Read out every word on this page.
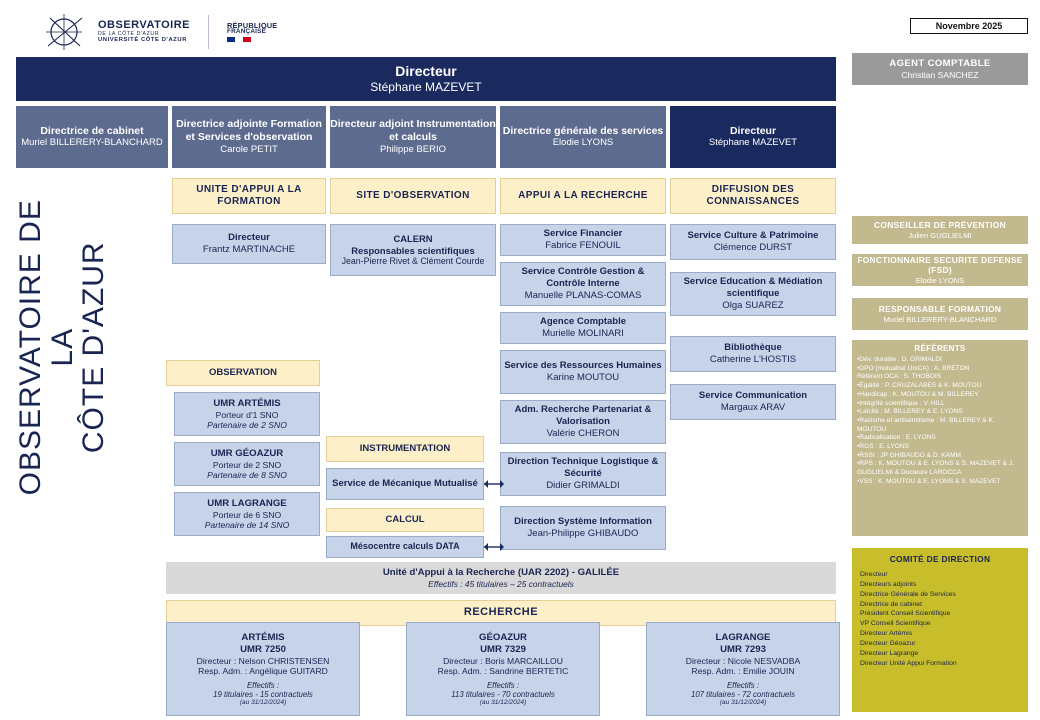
OBSERVATOIRE
DE LA CÔTE D'AZUR
UNIVERSITÉ CÔTE D'AZUR
RÉPUBLIQUE
FRANÇAISE
Novembre 2025
OBSERVATOIRE DE LA
CÔTE D'AZUR
Directeur
Stéphane MAZEVET
AGENT COMPTABLE
Christian SANCHEZ
Directrice de cabinet
Muriel BILLERERY-BLANCHARD
Directrice adjointe Formation et Services d'observation
Carole PETIT
Directeur adjoint Instrumentation et calculs
Philippe BERIO
Directrice générale des services
Elodie LYONS
Directeur
Stéphane MAZEVET
UNITE D'APPUI A LA FORMATION
SITE D'OBSERVATION	APPUI A LA RECHERCHE
DIFFUSION DES CONNAISSANCES
Directeur
Frantz MARTINACHE
CALERN
Responsables scientifiques
Jean-Pierre Rivet & Clément Courde
Service Financier
Fabrice FENOUIL
Service Contrôle Gestion & Contrôle Interne
Manuelle PLANAS-COMAS
Agence Comptable
Murielle MOLINARI
Service des Ressources Humaines
Karine MOUTOU
Adm. Recherche Partenariat & Valorisation
Valérie CHERON
Direction Technique Logistique & Sécurité
Didier GRIMALDI
Direction Système Information
Jean-Philippe GHIBAUDO
Service Culture & Patrimoine
Clémence DURST
Service Education & Médiation scientifique
Olga SUAREZ
Bibliothèque
Catherine L'HOSTIS
Service Communication
Margaux ARAV
CONSEILLER DE PRÉVENTION
Julien GUGLIELMI
FONCTIONNAIRE SECURITE DEFENSE (FSD)
Elodie LYONS
RESPONSABLE FORMATION
Muriel BILLERERY-BLANCHARD
RÉFÉRENTS
•Dév. durable : D. GRIMALDI
•DPO (mutualisé UniCA) : A. BRETON
Référent OCA : S. THOBOIS
•Égalité : P. CRUZALABES & K. MOUTOU
•Handicap : K. MOUTOU & M. BILLEREY
•Intégrité scientifique : V. HILL
•Laïcité : M. BILLEREY & E. LYONS
•Racisme et antisémitisme : M. BILLEREY & K. MOUTOU
•Radicalisation : E. LYONS
•RGS : E. LYONS
•RSSI : JP GHIBAUDO & D. KAMM
•RPS : K. MOUTOU & E. LYONS & S. MAZEVET & J. GUGLIELMI & Docteure LAROCCA
•VSS : K. MOUTOU & E. LYONS & S. MAZEVET
COMITÉ DE DIRECTION
Directeur
Directeurs adjoints
Directrice Générale de Services
Directrice de cabinet
Président Conseil Scientifique
VP Conseil Scientifique
Directeur Artémis
Directeur Géoazur
Directeur Lagrange
Directeur Unité Appui Formation
OBSERVATION
UMR ARTÉMIS
Porteur d'1 SNO
Partenaire de 2 SNO
UMR GÉOAZUR
Porteur de 2 SNO
Partenaire de 8 SNO
UMR LAGRANGE
Porteur de 6 SNO
Partenaire de 14 SNO
INSTRUMENTATION
Service de Mécanique Mutualisé
CALCUL
Mésocentre calculs DATA
Unité d'Appui à la Recherche (UAR 2202) - GALILÉE
Effectifs : 45 titulaires – 25 contractuels
RECHERCHE
ARTÉMIS
UMR 7250
Directeur : Nelson CHRISTENSEN
Resp. Adm. : Angélique GUITARD
Effectifs :
19 titulaires - 15 contractuels
(au 31/12/2024)
GÉOAZUR
UMR 7329
Directeur : Boris MARCAILLOU
Resp. Adm. : Sandrine BERTETIC
Effectifs :
113 titulaires - 70 contractuels
(au 31/12/2024)
LAGRANGE
UMR 7293
Directeur : Nicole NESVADBA
Resp. Adm. : Emilie JOUIN
Effectifs :
107 titulaires - 72 contractuels
(au 31/12/2024)
